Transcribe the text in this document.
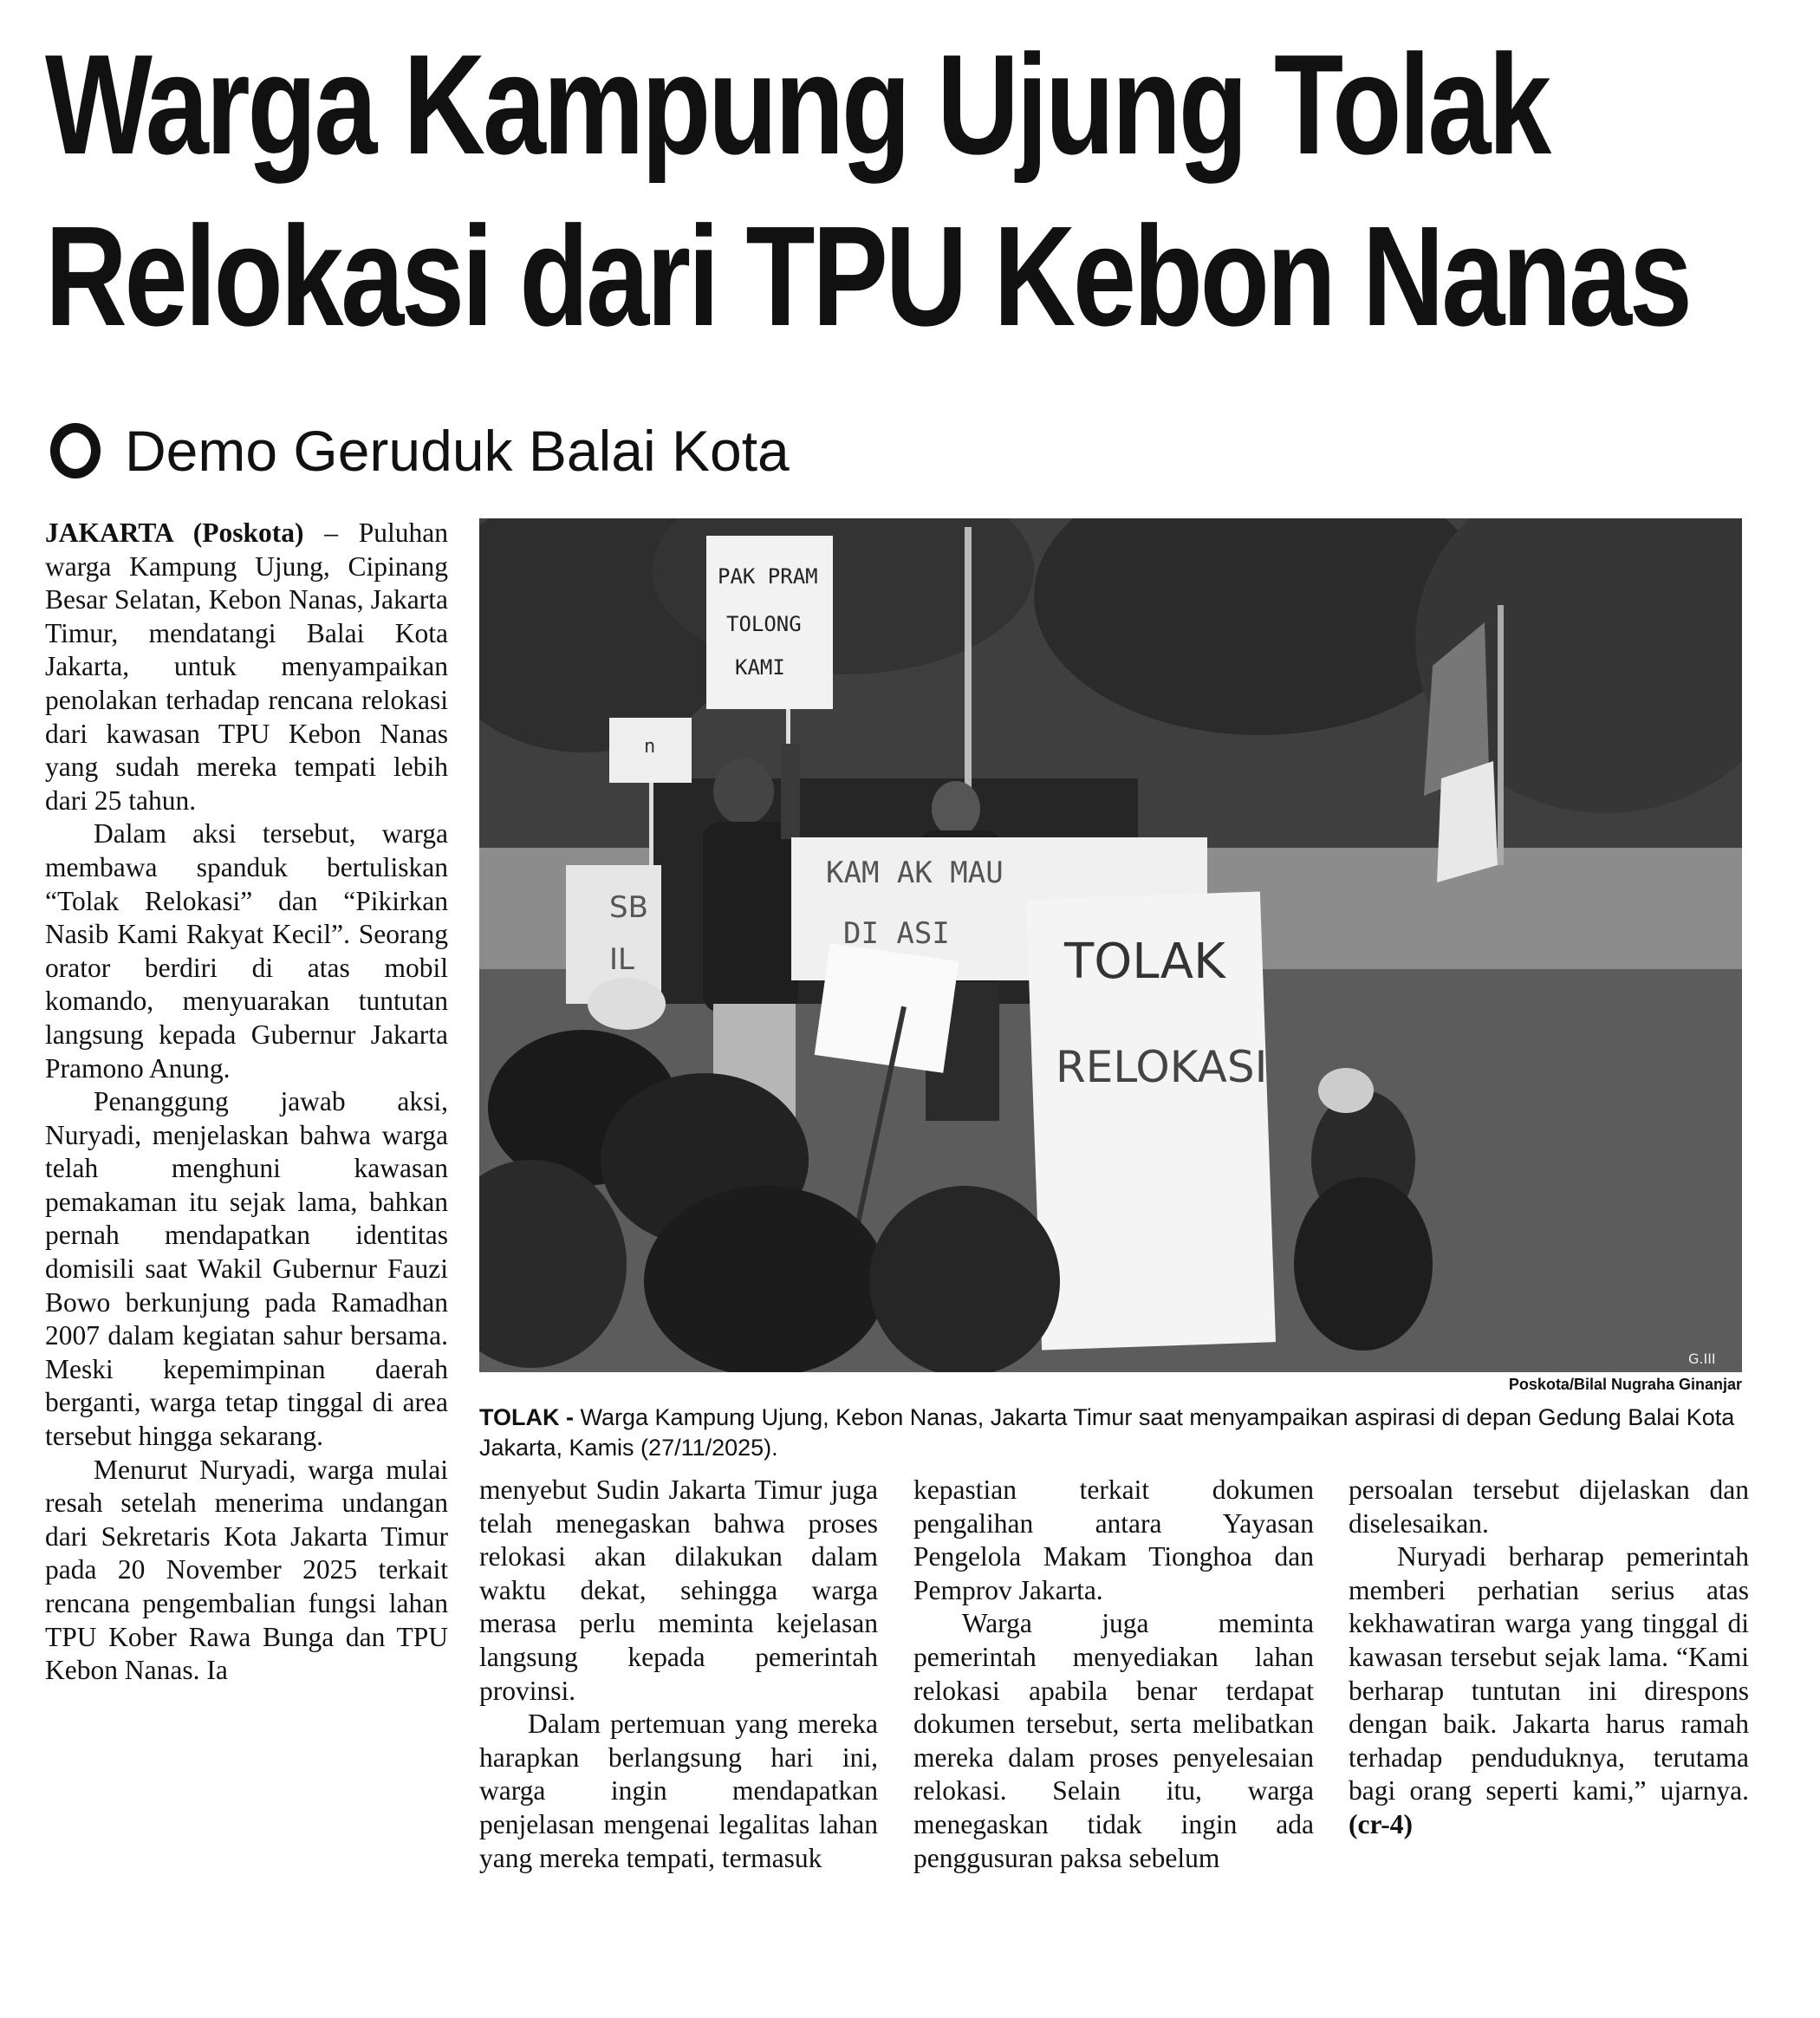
Warga Kampung Ujung Tolak
Relokasi dari TPU Kebon Nanas
Demo Geruduk Balai Kota

JAKARTA (Poskota) – Puluhan warga Kampung Ujung, Cipinang Besar Selatan, Kebon Nanas, Jakarta Timur, mendatangi Balai Kota Jakarta, untuk menyampaikan penolakan terhadap rencana relokasi dari kawasan TPU Kebon Nanas yang sudah mereka tempati lebih dari 25 tahun.

Dalam aksi tersebut, warga membawa spanduk bertuliskan “Tolak Relokasi” dan “Pikirkan Nasib Kami Rakyat Kecil”. Seorang orator berdiri di atas mobil komando, menyuarakan tuntutan langsung kepada Gubernur Jakarta Pramono Anung.

Penanggung jawab aksi, Nuryadi, menjelaskan bahwa warga telah menghuni kawasan pemakaman itu sejak lama, bahkan pernah mendapatkan identitas domisili saat Wakil Gubernur Fauzi Bowo berkunjung pada Ramadhan 2007 dalam kegiatan sahur bersama. Meski kepemimpinan daerah berganti, warga tetap tinggal di area tersebut hingga sekarang.

Menurut Nuryadi, warga mulai resah setelah menerima undangan dari Sekretaris Kota Jakarta Timur pada 20 November 2025 terkait rencana pengembalian fungsi lahan TPU Kober Rawa Bunga dan TPU Kebon Nanas. Ia

PAK PRAM
TOLONG
KAMI
n
SB
IL
KAM AK MAU
DI ASI TOLAK
RELOKASI
G.III
Poskota/Bilal Nugraha Ginanjar
TOLAK - Warga Kampung Ujung, Kebon Nanas, Jakarta Timur saat menyampaikan aspirasi di depan Gedung Balai Kota Jakarta, Kamis (27/11/2025).

menyebut Sudin Jakarta Timur juga telah menegaskan bahwa proses relokasi akan dilakukan dalam waktu dekat, sehingga warga merasa perlu meminta kejelasan langsung kepada pemerintah provinsi.

Dalam pertemuan yang mereka harapkan berlangsung hari ini, warga ingin mendapatkan penjelasan mengenai legalitas lahan yang mereka tempati, termasuk

kepastian terkait dokumen pengalihan antara Yayasan Pengelola Makam Tionghoa dan Pemprov Jakarta.

Warga juga meminta pemerintah menyediakan lahan relokasi apabila benar terdapat dokumen tersebut, serta melibatkan mereka dalam proses penyelesaian relokasi. Selain itu, warga menegaskan tidak ingin ada penggusuran paksa sebelum

persoalan tersebut dijelaskan dan diselesaikan.

Nuryadi berharap pemerintah memberi perhatian serius atas kekhawatiran warga yang tinggal di kawasan tersebut sejak lama. “Kami berharap tuntutan ini direspons dengan baik. Jakarta harus ramah terhadap penduduknya, terutama bagi orang seperti kami,” ujarnya. (cr-4)
